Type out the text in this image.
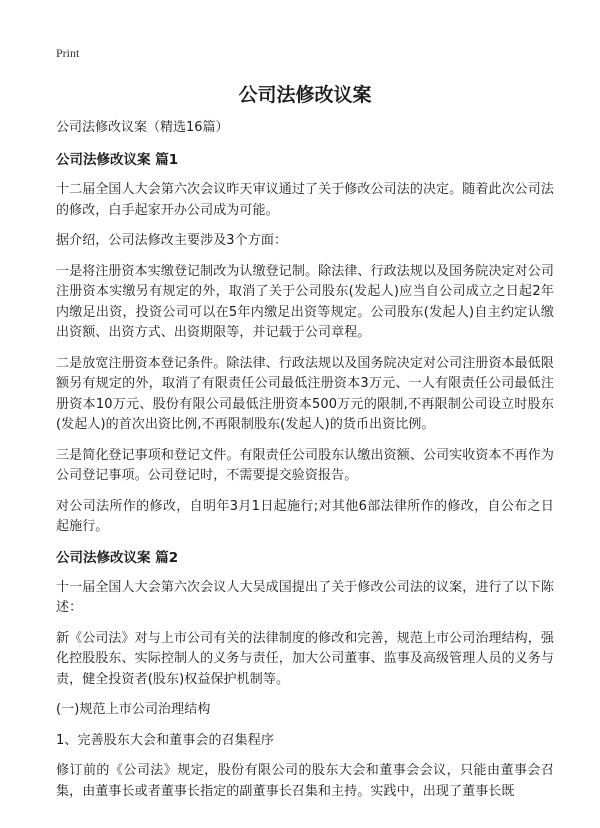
Print
公司法修改议案

公司法修改议案（精选16篇）

公司法修改议案 篇1

十二届全国人大会第六次会议昨天审议通过了关于修改公司法的决定。随着此次公司法的修改，白手起家开办公司成为可能。

据介绍，公司法修改主要涉及3个方面：

一是将注册资本实缴登记制改为认缴登记制。除法律、行政法规以及国务院决定对公司注册资本实缴另有规定的外，取消了关于公司股东(发起人)应当自公司成立之日起2年内缴足出资，投资公司可以在5年内缴足出资等规定。公司股东(发起人)自主约定认缴出资额、出资方式、出资期限等，并记载于公司章程。

二是放宽注册资本登记条件。除法律、行政法规以及国务院决定对公司注册资本最低限额另有规定的外，取消了有限责任公司最低注册资本3万元、一人有限责任公司最低注册资本10万元、股份有限公司最低注册资本500万元的限制,不再限制公司设立时股东(发起人)的首次出资比例,不再限制股东(发起人)的货币出资比例。

三是简化登记事项和登记文件。有限责任公司股东认缴出资额、公司实收资本不再作为公司登记事项。公司登记时，不需要提交验资报告。

对公司法所作的修改，自明年3月1日起施行;对其他6部法律所作的修改，自公布之日起施行。

公司法修改议案 篇2

十一届全国人大会第六次会议人大吴成国提出了关于修改公司法的议案，进行了以下陈述：

新《公司法》对与上市公司有关的法律制度的修改和完善，规范上市公司治理结构，强化控股股东、实际控制人的义务与责任，加大公司董事、监事及高级管理人员的义务与责，健全投资者(股东)权益保护机制等。

(一)规范上市公司治理结构

1、完善股东大会和董事会的召集程序

修订前的《公司法》规定，股份有限公司的股东大会和董事会会议，只能由董事会召集，由董事长或者董事长指定的副董事长召集和主持。实践中，出现了董事长既
